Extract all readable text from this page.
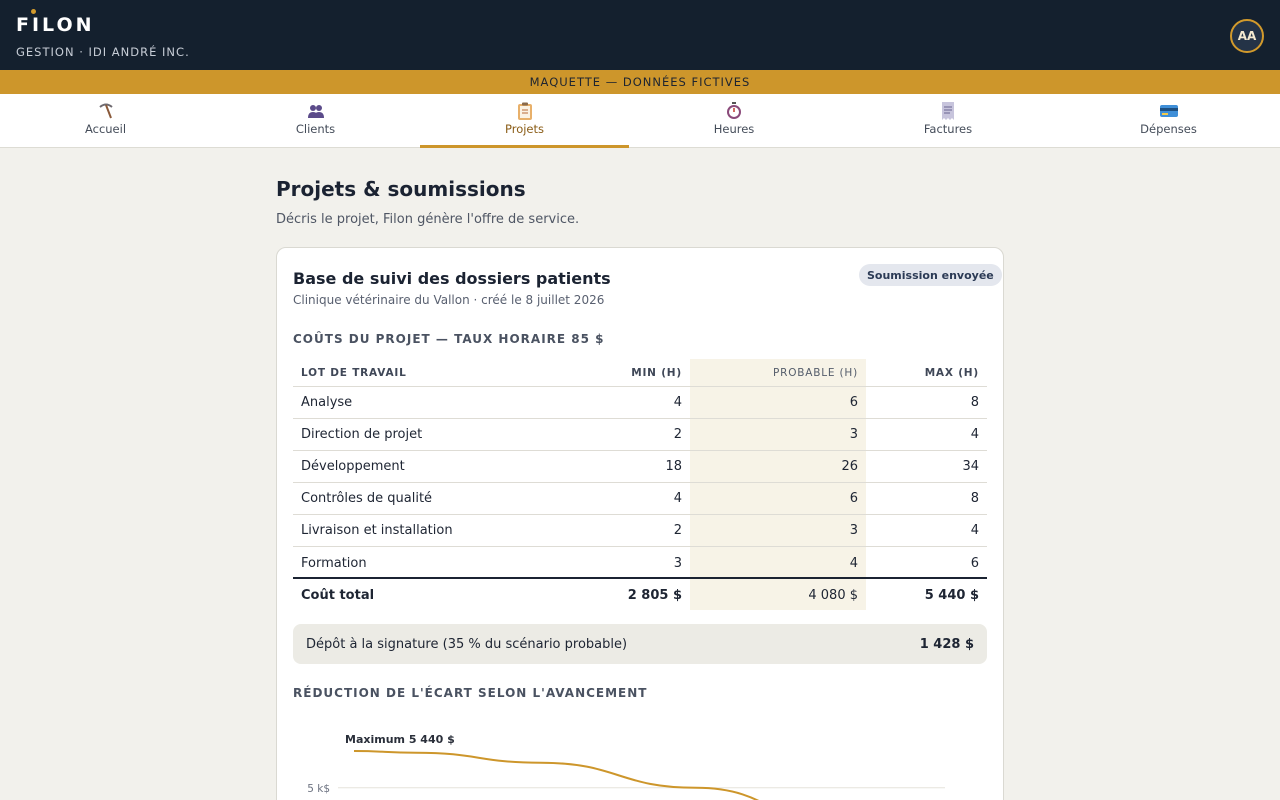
FILON
GESTION · IDI ANDRÉ INC.
AA
MAQUETTE — DONNÉES FICTIVES
Accueil	Clients	Projets	Heures	Factures	Dépenses
Projets & soumissions

Décris le projet, Filon génère l'offre de service.

Base de suivi des dossiers patients
Clinique vétérinaire du Vallon · créé le 8 juillet 2026
Soumission envoyée
COÛTS DU PROJET — TAUX HORAIRE 85 $
LOT DE TRAVAIL	MIN (H)	PROBABLE (H)	MAX (H)
Analyse	4	6	8
Direction de projet	2	3	4
Développement	18	26	34
Contrôles de qualité	4	6	8
Livraison et installation	2	3	4
Formation	3	4	6
Coût total	2 805 $	4 080 $	5 440 $
Dépôt à la signature (35 % du scénario probable)	1 428 $
RÉDUCTION DE L'ÉCART SELON L'AVANCEMENT
5 k$
Maximum 5 440 $
